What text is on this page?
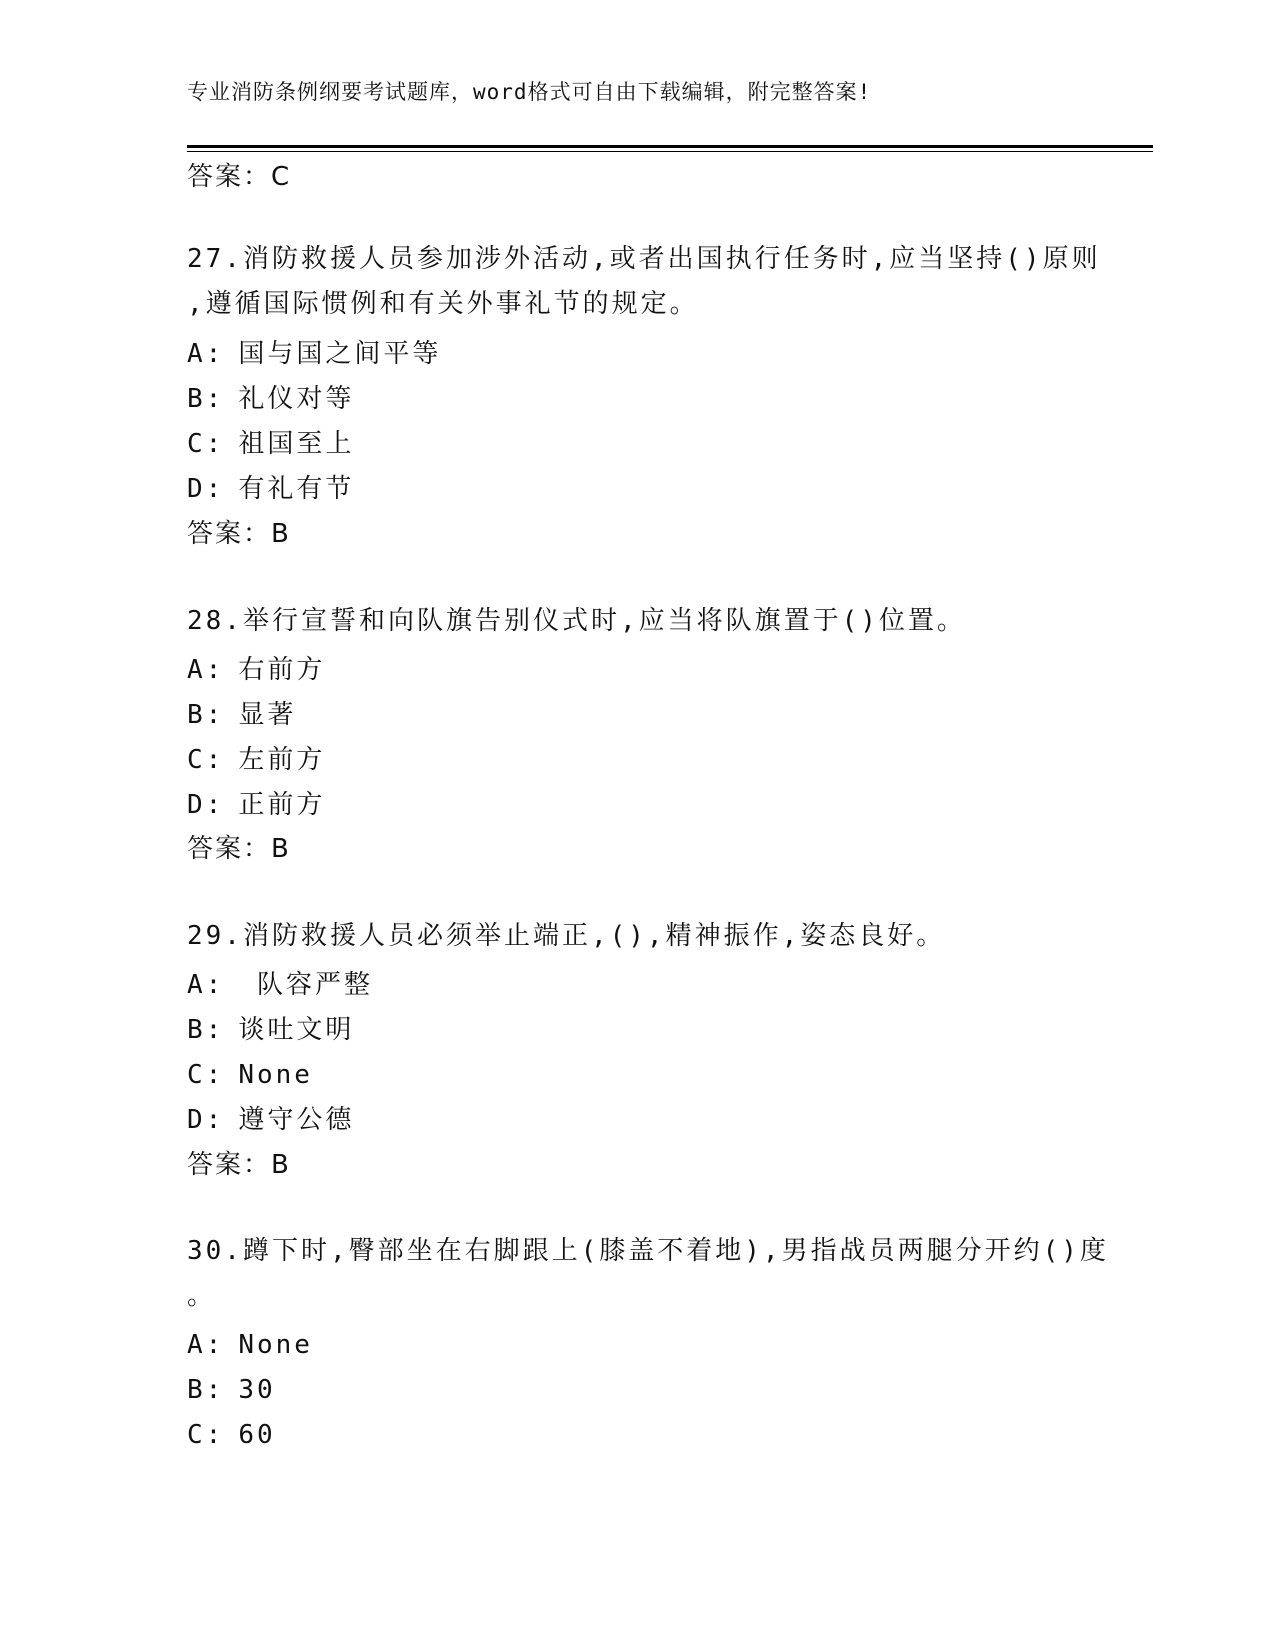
专业消防条例纲要考试题库，word格式可自由下载编辑，附完整答案!
答案：C
27.消防救援人员参加涉外活动,或者出国执行任务时,应当坚持()原则
,遵循国际惯例和有关外事礼节的规定。
A: 国与国之间平等
B: 礼仪对等
C: 祖国至上
D: 有礼有节
答案：B
28.举行宣誓和向队旗告别仪式时,应当将队旗置于()位置。
A: 右前方
B: 显著
C: 左前方
D: 正前方
答案：B
29.消防救援人员必须举止端正,(),精神振作,姿态良好。
A: 队容严整
B: 谈吐文明
C: None
D: 遵守公德
答案：B
30.蹲下时,臀部坐在右脚跟上(膝盖不着地),男指战员两腿分开约()度
。
A: None
B: 30
C: 60
